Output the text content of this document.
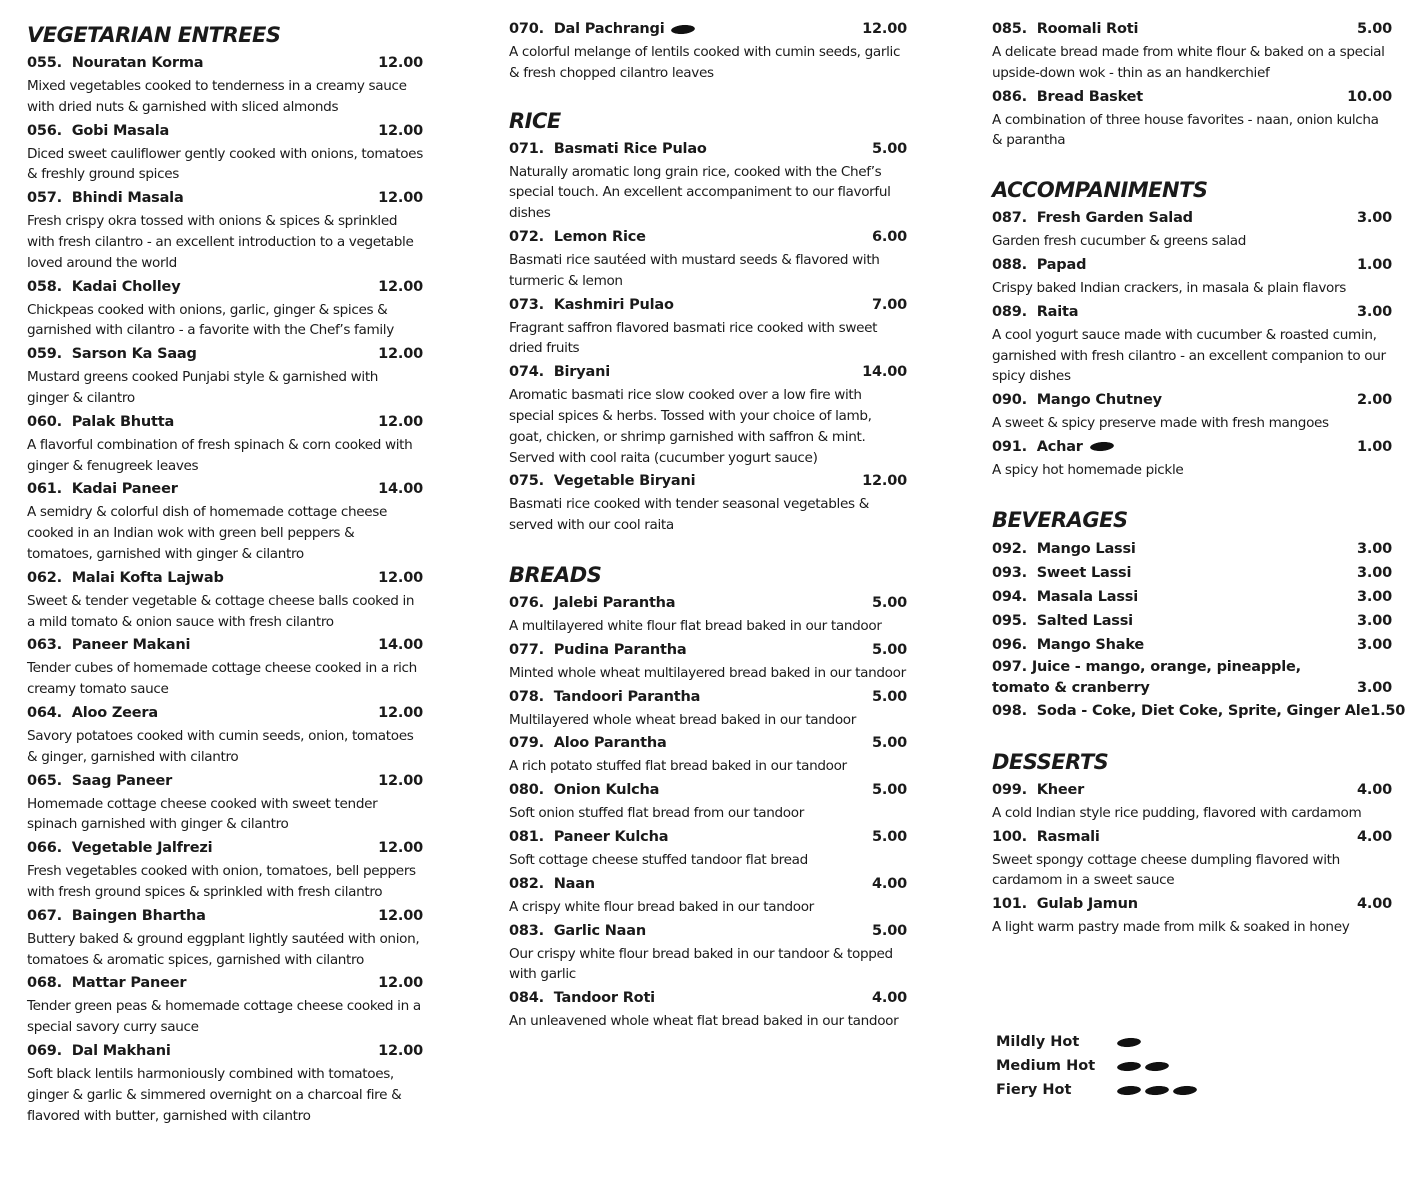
VEGETARIAN ENTREES
055.
Nouratan Korma	12.00
Mixed vegetables cooked to tenderness in a creamy sauce with dried nuts & garnished with sliced almonds
056.
Gobi Masala	12.00
Diced sweet cauliflower gently cooked with onions, tomatoes & freshly ground spices
057.
Bhindi Masala	12.00
Fresh crispy okra tossed with onions & spices & sprinkled with fresh cilantro - an excellent introduction to a vegetable loved around the world
058.
Kadai Cholley	12.00
Chickpeas cooked with onions, garlic, ginger & spices & garnished with cilantro - a favorite with the Chef’s family
059.
Sarson Ka Saag	12.00
Mustard greens cooked Punjabi style & garnished with ginger & cilantro
060.
Palak Bhutta	12.00
A flavorful combination of fresh spinach & corn cooked with ginger & fenugreek leaves
061.
Kadai Paneer	14.00
A semidry & colorful dish of homemade cottage cheese cooked in an Indian wok with green bell peppers & tomatoes, garnished with ginger & cilantro
062.
Malai Kofta Lajwab	12.00
Sweet & tender vegetable & cottage cheese balls cooked in a mild tomato & onion sauce with fresh cilantro
063.
Paneer Makani	14.00
Tender cubes of homemade cottage cheese cooked in a rich creamy tomato sauce
064.
Aloo Zeera	12.00
Savory potatoes cooked with cumin seeds, onion, tomatoes & ginger, garnished with cilantro
065.
Saag Paneer	12.00
Homemade cottage cheese cooked with sweet tender spinach garnished with ginger & cilantro
066.
Vegetable Jalfrezi	12.00
Fresh vegetables cooked with onion, tomatoes, bell peppers with fresh ground spices & sprinkled with fresh cilantro
067.
Baingen Bhartha	12.00
Buttery baked & ground eggplant lightly sautéed with onion, tomatoes & aromatic spices, garnished with cilantro
068.
Mattar Paneer	12.00
Tender green peas & homemade cottage cheese cooked in a special savory curry sauce
069.
Dal Makhani	12.00
Soft black lentils harmoniously combined with tomatoes, ginger & garlic & simmered overnight on a charcoal fire & flavored with butter, garnished with cilantro
070.
Dal Pachrangi	12.00
A colorful melange of lentils cooked with cumin seeds, garlic & fresh chopped cilantro leaves
RICE
071.
Basmati Rice Pulao	5.00
Naturally aromatic long grain rice, cooked with the Chef’s special touch. An excellent accompaniment to our flavorful dishes
072.
Lemon Rice	6.00
Basmati rice sautéed with mustard seeds & flavored with turmeric & lemon
073.
Kashmiri Pulao	7.00
Fragrant saffron flavored basmati rice cooked with sweet dried fruits
074.
Biryani	14.00
Aromatic basmati rice slow cooked over a low fire with special spices & herbs. Tossed with your choice of lamb, goat, chicken, or shrimp garnished with saffron & mint. Served with cool raita (cucumber yogurt sauce)
075.
Vegetable Biryani	12.00
Basmati rice cooked with tender seasonal vegetables & served with our cool raita
BREADS
076.
Jalebi Parantha	5.00
A multilayered white flour flat bread baked in our tandoor
077.
Pudina Parantha	5.00
Minted whole wheat multilayered bread baked in our tandoor
078.
Tandoori Parantha	5.00
Multilayered whole wheat bread baked in our tandoor
079.
Aloo Parantha	5.00
A rich potato stuffed flat bread baked in our tandoor
080.
Onion Kulcha	5.00
Soft onion stuffed flat bread from our tandoor
081.
Paneer Kulcha	5.00
Soft cottage cheese stuffed tandoor flat bread
082.
Naan	4.00
A crispy white flour bread baked in our tandoor
083.
Garlic Naan	5.00
Our crispy white flour bread baked in our tandoor & topped with garlic
084.
Tandoor Roti	4.00
An unleavened whole wheat flat bread baked in our tandoor
085.
Roomali Roti	5.00
A delicate bread made from white flour & baked on a special upside-down wok - thin as an handkerchief
086.
Bread Basket	10.00
A combination of three house favorites - naan, onion kulcha & parantha
ACCOMPANIMENTS
087.
Fresh Garden Salad	3.00
Garden fresh cucumber & greens salad
088.
Papad	1.00
Crispy baked Indian crackers, in masala & plain flavors
089.
Raita	3.00
A cool yogurt sauce made with cucumber & roasted cumin, garnished with fresh cilantro - an excellent companion to our spicy dishes
090.
Mango Chutney	2.00
A sweet & spicy preserve made with fresh mangoes
091.
Achar	1.00
A spicy hot homemade pickle
BEVERAGES
092.
Mango Lassi	3.00
093.
Sweet Lassi	3.00
094.
Masala Lassi	3.00
095.
Salted Lassi	3.00
096.
Mango Shake	3.00
097. Juice - mango, orange, pineapple,
tomato & cranberry	3.00
098.
Soda - Coke, Diet Coke, Sprite, Ginger Ale 1.50
DESSERTS
099.
Kheer	4.00
A cold Indian style rice pudding, flavored with cardamom
100.
Rasmali	4.00
Sweet spongy cottage cheese dumpling flavored with cardamom in a sweet sauce
101.
Gulab Jamun	4.00
A light warm pastry made from milk & soaked in honey
Mildly Hot
Medium Hot
Fiery Hot
